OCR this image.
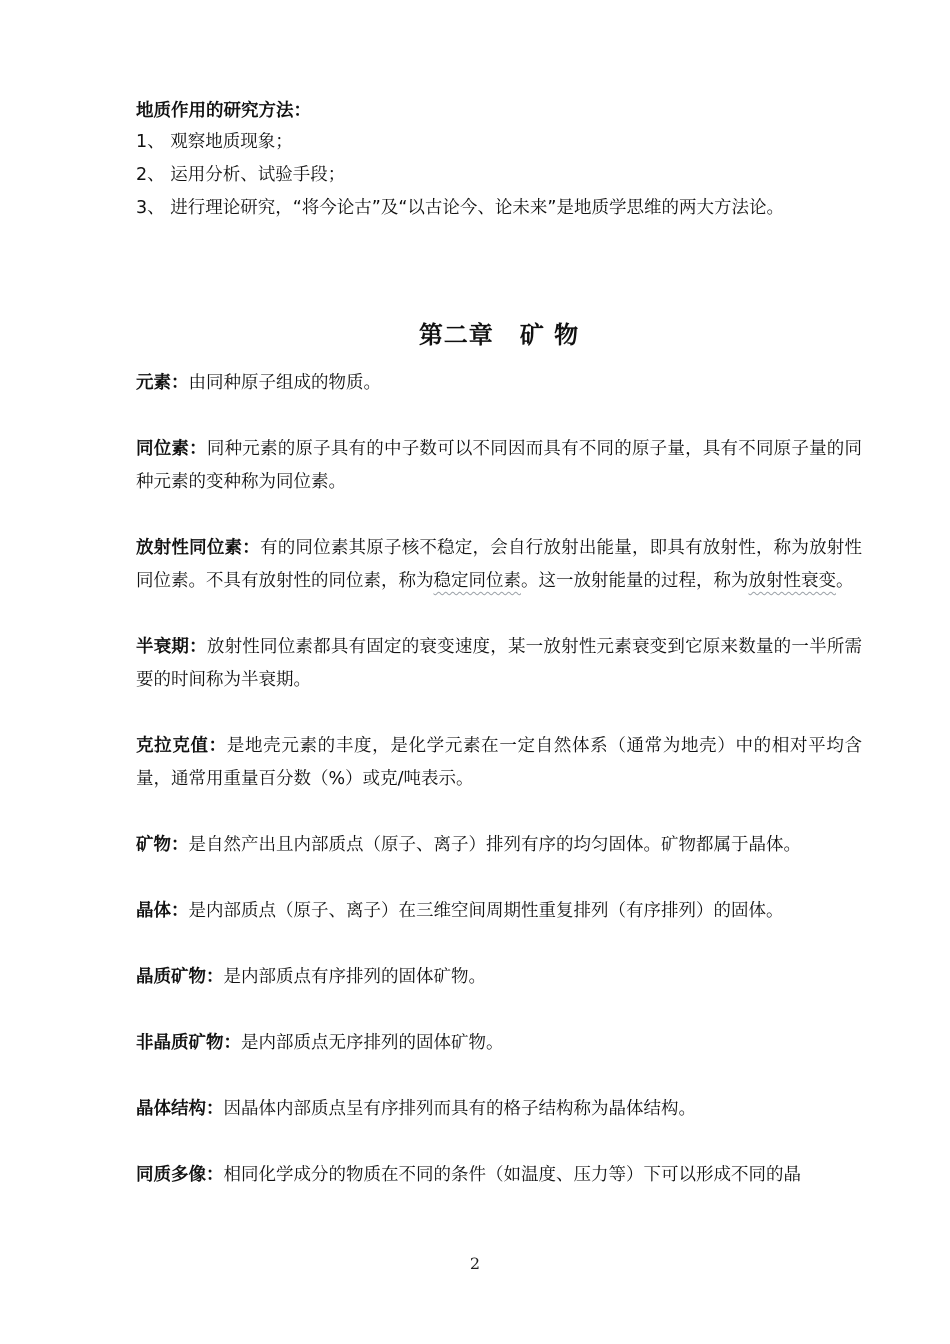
地质作用的研究方法：

1、 观察地质现象；

2、 运用分析、试验手段；

3、 进行理论研究，“将今论古”及“以古论今、论未来”是地质学思维的两大方法论。

第二章 矿 物

元素：由同种原子组成的物质。

同位素：同种元素的原子具有的中子数可以不同因而具有不同的原子量，具有不同原子量的同种元素的变种称为同位素。

放射性同位素：有的同位素其原子核不稳定，会自行放射出能量，即具有放射性，称为放射性同位素。不具有放射性的同位素，称为稳定同位素。这一放射能量的过程，称为放射性衰变。

半衰期：放射性同位素都具有固定的衰变速度，某一放射性元素衰变到它原来数量的一半所需要的时间称为半衰期。

克拉克值：是地壳元素的丰度，是化学元素在一定自然体系（通常为地壳）中的相对平均含量，通常用重量百分数（%）或克/吨表示。

矿物：是自然产出且内部质点（原子、离子）排列有序的均匀固体。矿物都属于晶体。

晶体：是内部质点（原子、离子）在三维空间周期性重复排列（有序排列）的固体。

晶质矿物：是内部质点有序排列的固体矿物。

非晶质矿物：是内部质点无序排列的固体矿物。

晶体结构：因晶体内部质点呈有序排列而具有的格子结构称为晶体结构。

同质多像：相同化学成分的物质在不同的条件（如温度、压力等）下可以形成不同的晶

2
